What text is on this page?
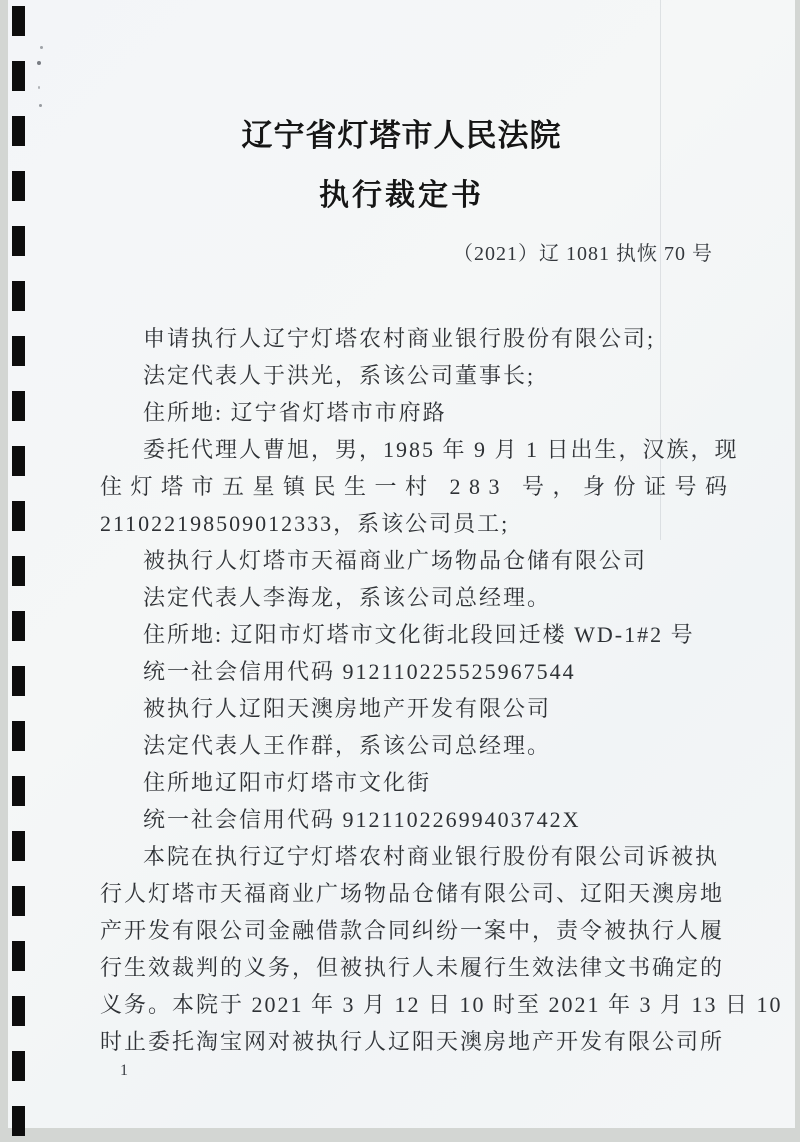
辽宁省灯塔市人民法院
执行裁定书
（2021）辽 1081 执恢 70 号
申请执行人辽宁灯塔农村商业银行股份有限公司;
法定代表人于洪光，系该公司董事长;
住所地: 辽宁省灯塔市市府路
委托代理人曹旭，男，1985 年 9 月 1 日出生，汉族，现
住灯塔市五星镇民生一村 283 号，身份证号码
211022198509012333，系该公司员工;
被执行人灯塔市天福商业广场物品仓储有限公司
法定代表人李海龙，系该公司总经理。
住所地: 辽阳市灯塔市文化街北段回迁楼 WD-1#2 号
统一社会信用代码 912110225525967544
被执行人辽阳天澳房地产开发有限公司
法定代表人王作群，系该公司总经理。
住所地辽阳市灯塔市文化街
统一社会信用代码 91211022699403742X
本院在执行辽宁灯塔农村商业银行股份有限公司诉被执
行人灯塔市天福商业广场物品仓储有限公司、辽阳天澳房地
产开发有限公司金融借款合同纠纷一案中，责令被执行人履
行生效裁判的义务，但被执行人未履行生效法律文书确定的
义务。本院于 2021 年 3 月 12 日 10 时至 2021 年 3 月 13 日 10
时止委托淘宝网对被执行人辽阳天澳房地产开发有限公司所
1
